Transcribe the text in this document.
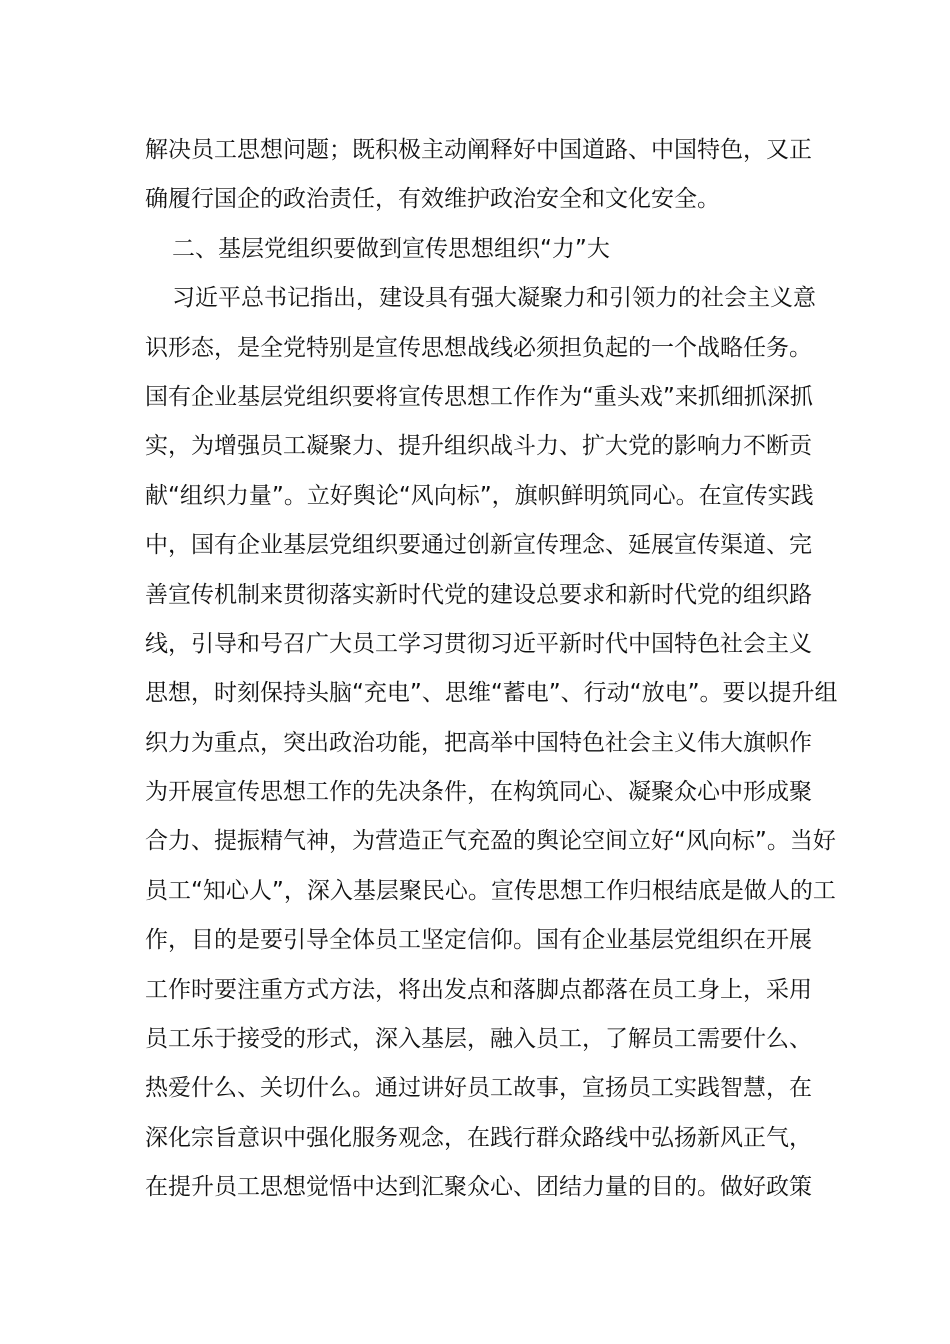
解决员工思想问题；既积极主动阐释好中国道路、中国特色，又正
确履行国企的政治责任，有效维护政治安全和文化安全。
二、基层党组织要做到宣传思想组织“力”大
习近平总书记指出，建设具有强大凝聚力和引领力的社会主义意
识形态，是全党特别是宣传思想战线必须担负起的一个战略任务。
国有企业基层党组织要将宣传思想工作作为“重头戏”来抓细抓深抓
实，为增强员工凝聚力、提升组织战斗力、扩大党的影响力不断贡
献“组织力量”。立好舆论“风向标”，旗帜鲜明筑同心。在宣传实践
中，国有企业基层党组织要通过创新宣传理念、延展宣传渠道、完
善宣传机制来贯彻落实新时代党的建设总要求和新时代党的组织路
线，引导和号召广大员工学习贯彻习近平新时代中国特色社会主义
思想，时刻保持头脑“充电”、思维“蓄电”、行动“放电”。要以提升组
织力为重点，突出政治功能，把高举中国特色社会主义伟大旗帜作
为开展宣传思想工作的先决条件，在构筑同心、凝聚众心中形成聚
合力、提振精气神，为营造正气充盈的舆论空间立好“风向标”。当好
员工“知心人”，深入基层聚民心。宣传思想工作归根结底是做人的工
作，目的是要引导全体员工坚定信仰。国有企业基层党组织在开展
工作时要注重方式方法，将出发点和落脚点都落在员工身上，采用
员工乐于接受的形式，深入基层，融入员工，了解员工需要什么、
热爱什么、关切什么。通过讲好员工故事，宣扬员工实践智慧，在
深化宗旨意识中强化服务观念，在践行群众路线中弘扬新风正气，
在提升员工思想觉悟中达到汇聚众心、团结力量的目的。做好政策
